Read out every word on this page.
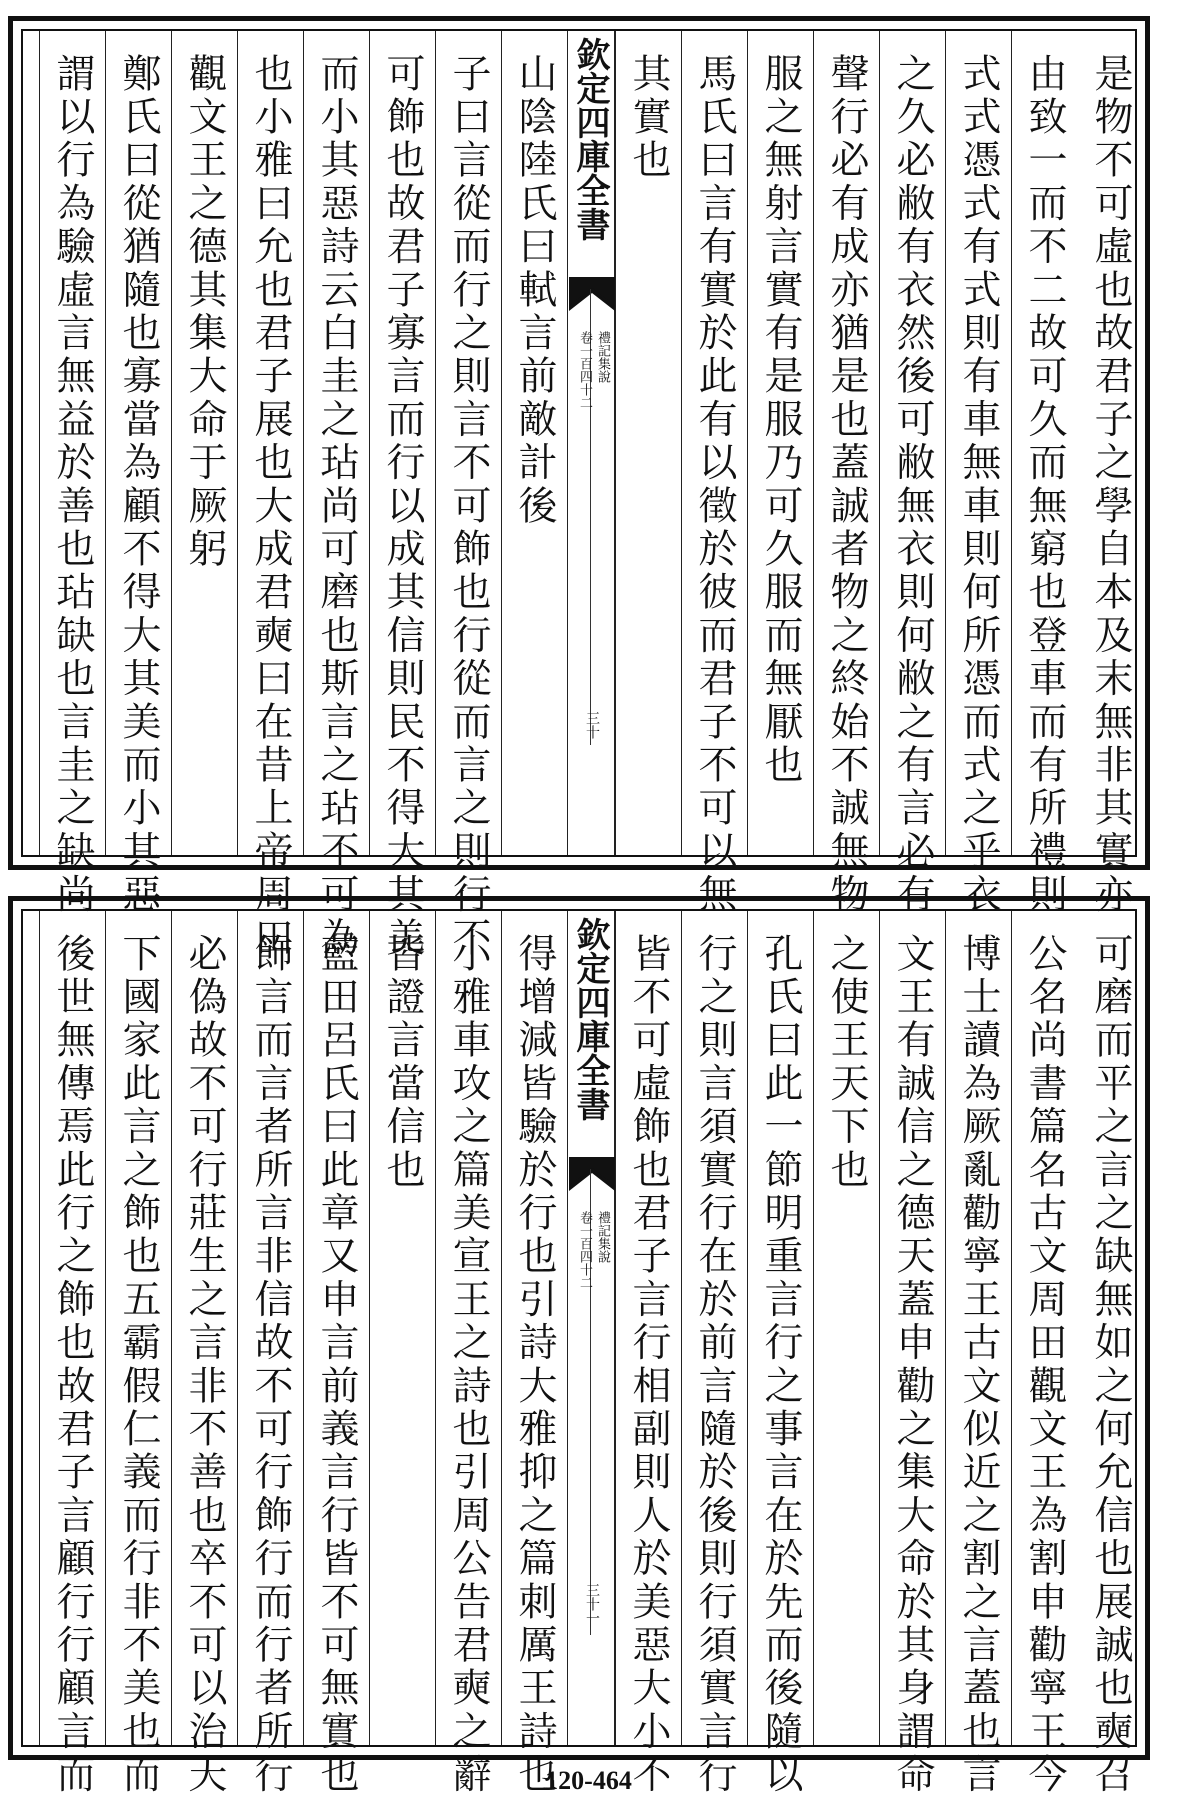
是物不可虛也故君子之學自本及末無非其實亦
由致一而不二故可久而無窮也登車而有所禮則
式式憑式有式則有車無車則何所憑而式之乎衣
之久必敝有衣然後可敝無衣則何敝之有言必有
聲行必有成亦猶是也蓋誠者物之終始不誠無物
服之無射言實有是服乃可久服而無厭也
馬氏曰言有實於此有以徵於彼而君子不可以無
其實也
欽定四庫全書
禮記集說
卷一百四十二
三十
山陰陸氏曰軾言前敵計後
子曰言從而行之則言不可飾也行從而言之則行不
可飾也故君子寡言而行以成其信則民不得大其美
而小其惡詩云白圭之玷尚可磨也斯言之玷不可為
也小雅曰允也君子展也大成君奭曰在昔上帝周田
觀文王之德其集大命于厥躬
鄭氏曰從猶隨也寡當為顧不得大其美而小其惡
謂以行為驗虛言無益於善也玷缺也言圭之缺尚
可磨而平之言之缺無如之何允信也展誠也奭召
公名尚書篇名古文周田觀文王為割申勸寧王今
博士讀為厥亂勸寧王古文似近之割之言蓋也言
文王有誠信之德天蓋申勸之集大命於其身謂命
之使王天下也
孔氏曰此一節明重言行之事言在於先而後隨以
行之則言須實行在於前言隨於後則行須實言行
皆不可虛飾也君子言行相副則人於美惡大小不
欽定四庫全書
禮記集說
卷一百四十二
三十一
得增減皆驗於行也引詩大雅抑之篇刺厲王詩也
小雅車攻之篇美宣王之詩也引周公告君奭之辭
皆證言當信也
藍田呂氏曰此章又申言前義言行皆不可無實也
飾言而言者所言非信故不可行飾行而行者所行
必偽故不可行莊生之言非不善也卒不可以治天
下國家此言之飾也五霸假仁義而行非不美也而
後世無傳焉此行之飾也故君子言顧行行顧言而	120-464
